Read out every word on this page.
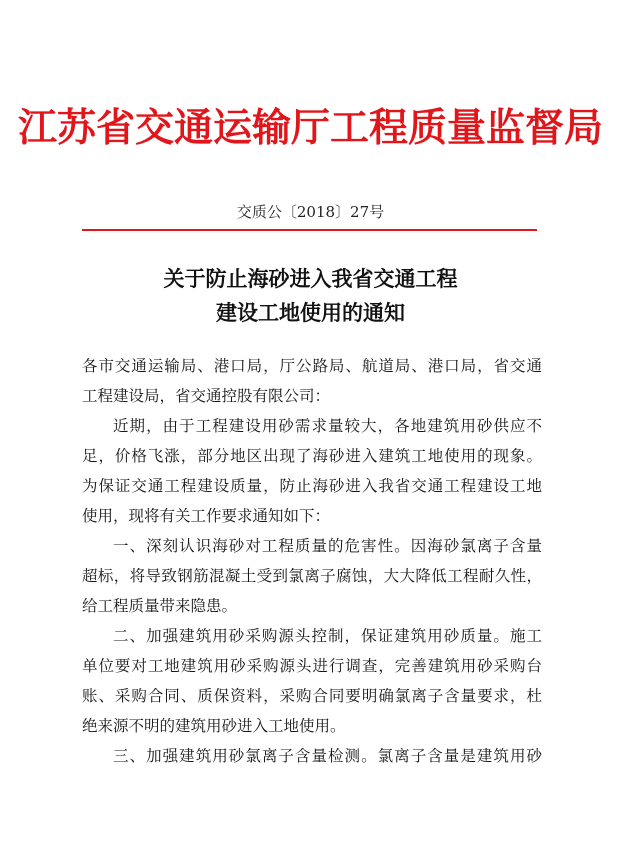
江苏省交通运输厅工程质量监督局
交质公〔2018〕27号
关于防止海砂进入我省交通工程
建设工地使用的通知
各市交通运输局、港口局，厅公路局、航道局、港口局，省交通
工程建设局，省交通控股有限公司：
近期，由于工程建设用砂需求量较大，各地建筑用砂供应不
足，价格飞涨，部分地区出现了海砂进入建筑工地使用的现象。
为保证交通工程建设质量，防止海砂进入我省交通工程建设工地
使用，现将有关工作要求通知如下：
一、深刻认识海砂对工程质量的危害性。因海砂氯离子含量
超标，将导致钢筋混凝土受到氯离子腐蚀，大大降低工程耐久性，
给工程质量带来隐患。
二、加强建筑用砂采购源头控制，保证建筑用砂质量。施工
单位要对工地建筑用砂采购源头进行调查，完善建筑用砂采购台
账、采购合同、质保资料，采购合同要明确氯离子含量要求，杜
绝来源不明的建筑用砂进入工地使用。
三、加强建筑用砂氯离子含量检测。氯离子含量是建筑用砂
